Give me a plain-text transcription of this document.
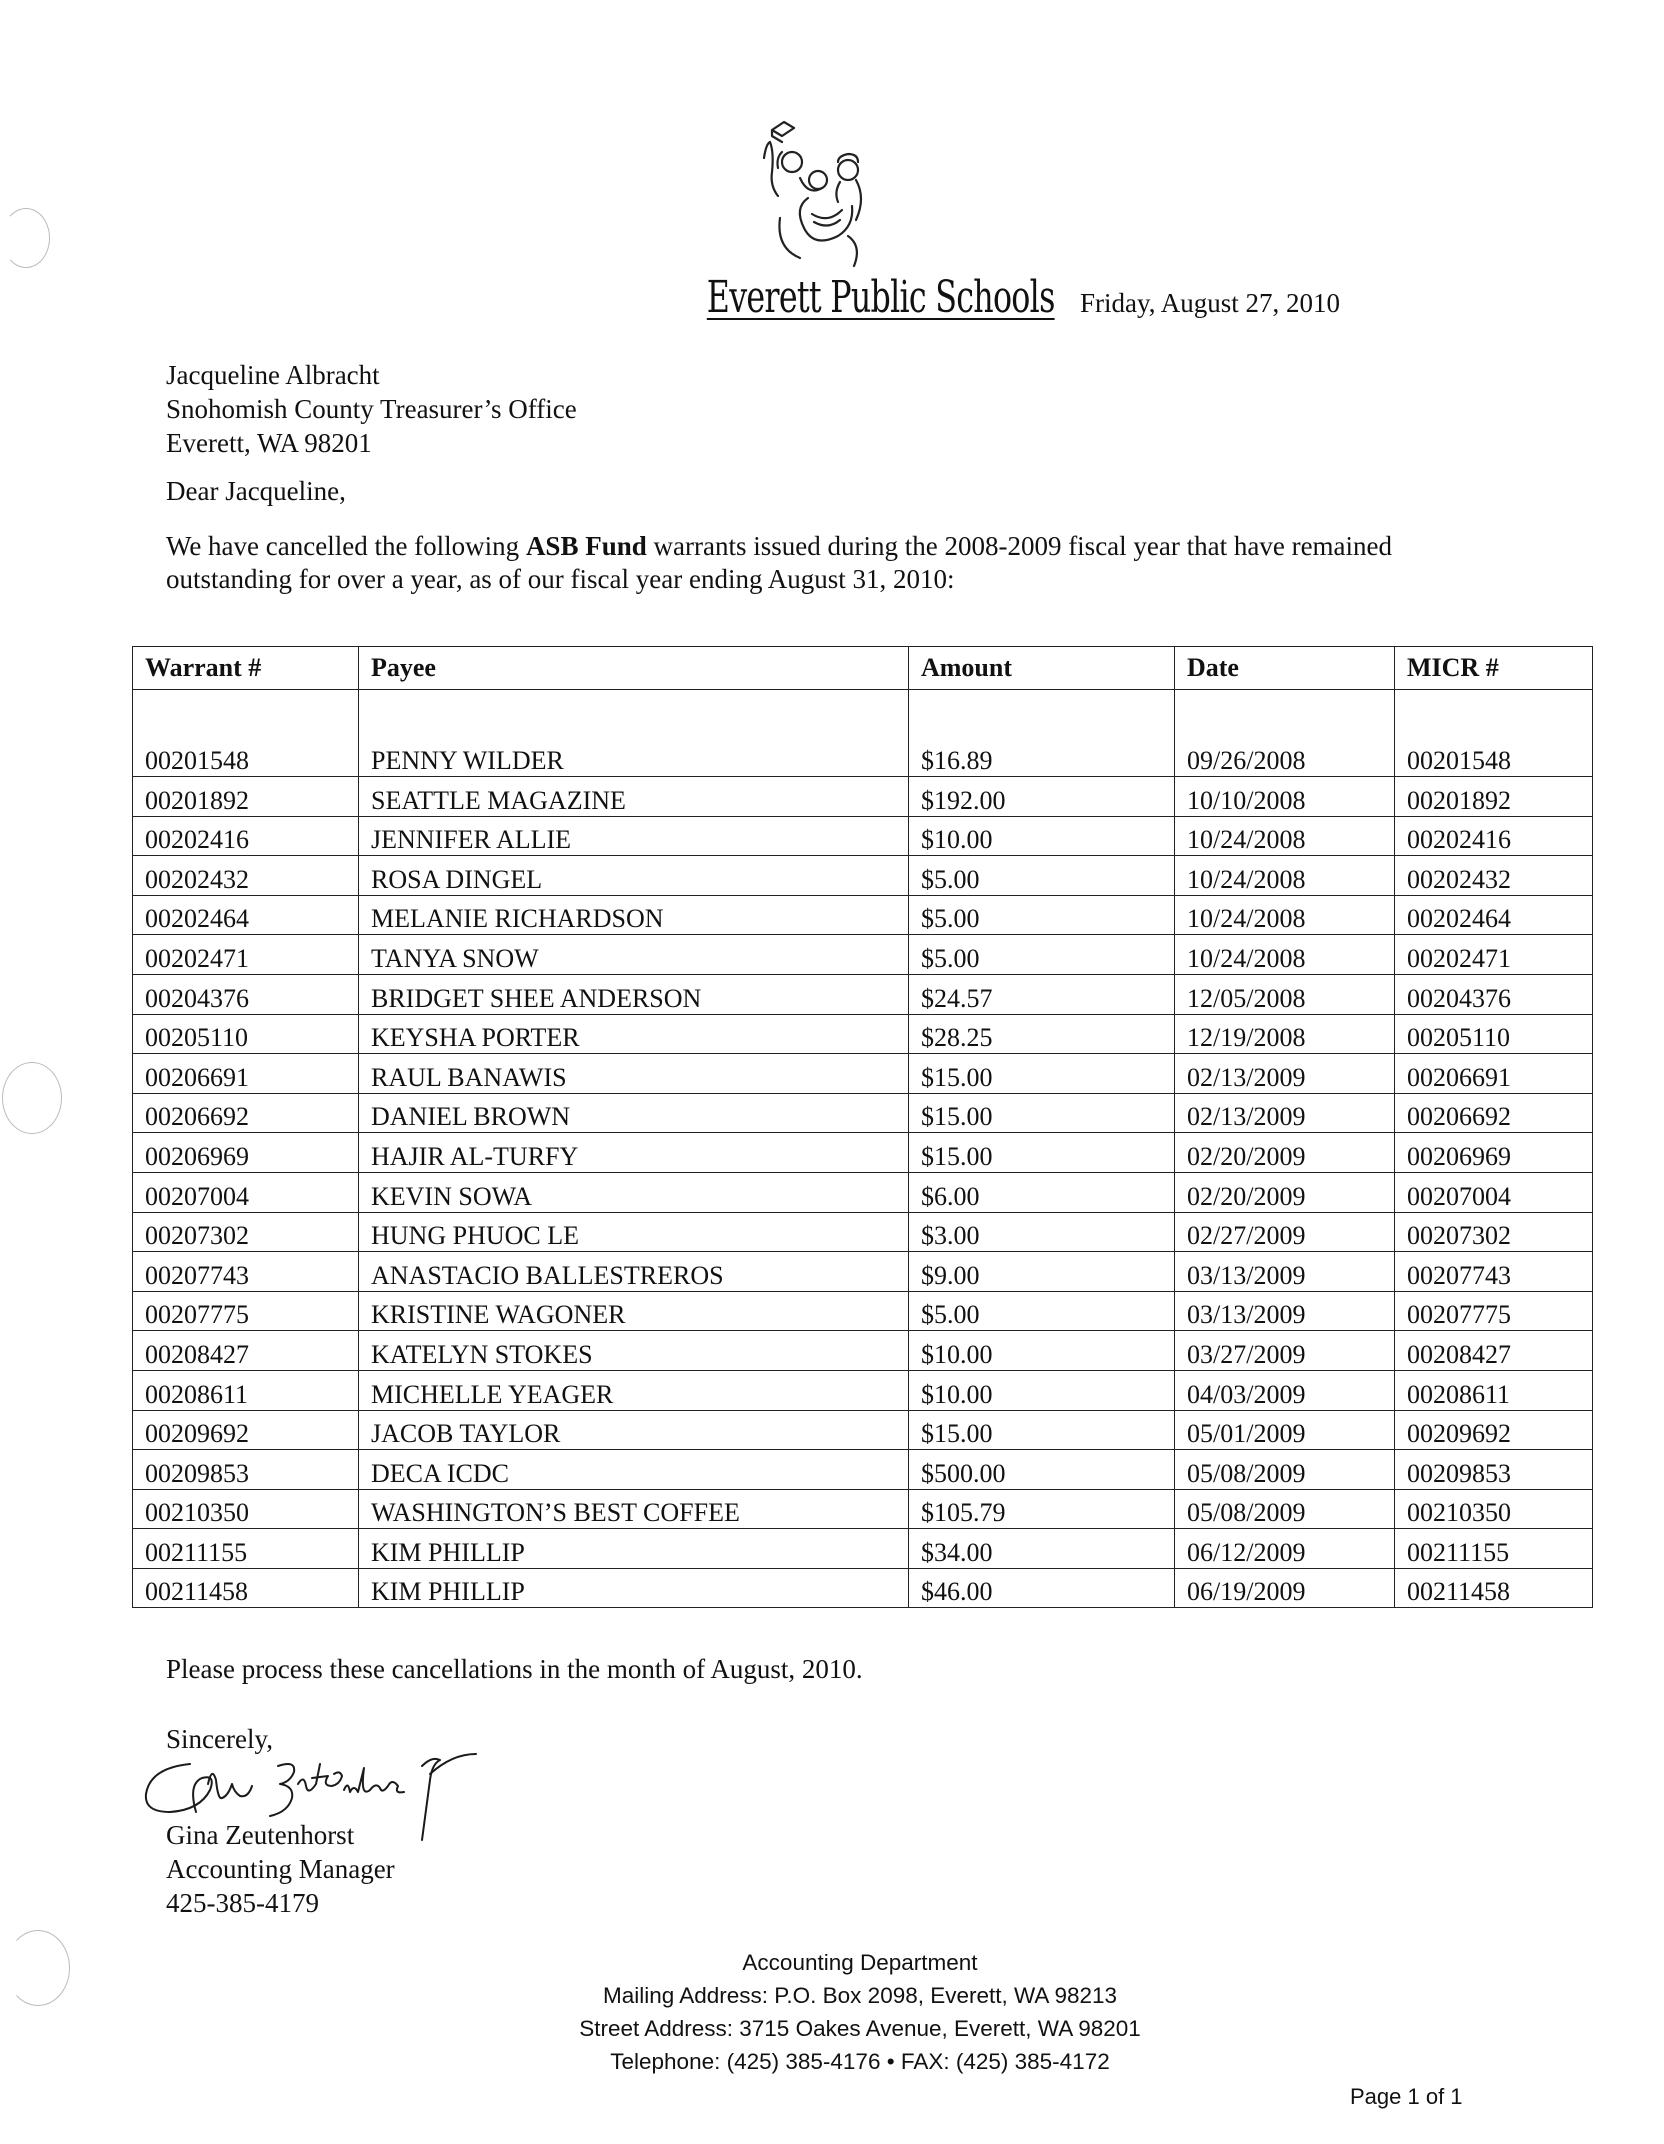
Everett Public Schools Friday, August 27, 2010
Jacqueline Albracht
Snohomish County Treasurer’s Office
Everett, WA 98201
Dear Jacqueline,
We have cancelled the following ASB Fund warrants issued during the 2008-2009 fiscal year that have remained outstanding for over a year, as of our fiscal year ending August 31, 2010:
Warrant #	Payee	Amount	Date	MICR #
00201548	PENNY WILDER	$16.89	09/26/2008	00201548
00201892	SEATTLE MAGAZINE	$192.00	10/10/2008	00201892
00202416	JENNIFER ALLIE	$10.00	10/24/2008	00202416
00202432	ROSA DINGEL	$5.00	10/24/2008	00202432
00202464	MELANIE RICHARDSON	$5.00	10/24/2008	00202464
00202471	TANYA SNOW	$5.00	10/24/2008	00202471
00204376	BRIDGET SHEE ANDERSON	$24.57	12/05/2008	00204376
00205110	KEYSHA PORTER	$28.25	12/19/2008	00205110
00206691	RAUL BANAWIS	$15.00	02/13/2009	00206691
00206692	DANIEL BROWN	$15.00	02/13/2009	00206692
00206969	HAJIR AL-TURFY	$15.00	02/20/2009	00206969
00207004	KEVIN SOWA	$6.00	02/20/2009	00207004
00207302	HUNG PHUOC LE	$3.00	02/27/2009	00207302
00207743	ANASTACIO BALLESTREROS	$9.00	03/13/2009	00207743
00207775	KRISTINE WAGONER	$5.00	03/13/2009	00207775
00208427	KATELYN STOKES	$10.00	03/27/2009	00208427
00208611	MICHELLE YEAGER	$10.00	04/03/2009	00208611
00209692	JACOB TAYLOR	$15.00	05/01/2009	00209692
00209853	DECA ICDC	$500.00	05/08/2009	00209853
00210350	WASHINGTON’S BEST COFFEE	$105.79	05/08/2009	00210350
00211155	KIM PHILLIP	$34.00	06/12/2009	00211155
00211458	KIM PHILLIP	$46.00	06/19/2009	00211458
Please process these cancellations in the month of August, 2010.
Sincerely,
Gina Zeutenhorst
Accounting Manager
425-385-4179
Accounting Department
Mailing Address: P.O. Box 2098, Everett, WA 98213
Street Address: 3715 Oakes Avenue, Everett, WA 98201
Telephone: (425) 385-4176 • FAX: (425) 385-4172
Page 1 of 1
